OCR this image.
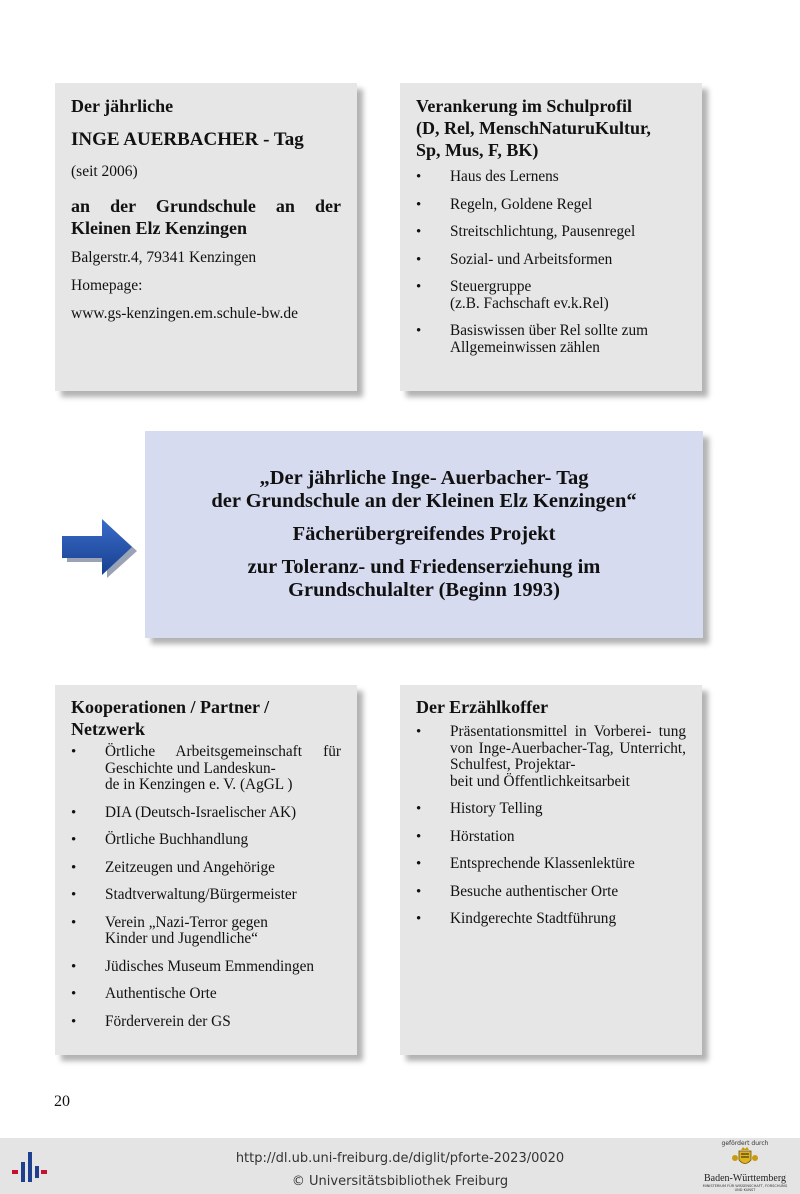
Der jährliche
INGE AUERBACHER - Tag
(seit 2006)
an der Grundschule an der Kleinen Elz Kenzingen
Balgerstr.4, 79341 Kenzingen
Homepage:
www.gs-kenzingen.em.schule-bw.de
Verankerung im Schulprofil
(D, Rel, MenschNaturuKultur,
Sp, Mus, F, BK)
• Haus des Lernens
• Regeln, Goldene Regel
• Streitschlichtung, Pausenregel
• Sozial- und Arbeitsformen
• Steuergruppe
(z.B. Fachschaft ev.k.Rel)
• Basiswissen über Rel sollte zum
Allgemeinwissen zählen
„Der jährliche Inge- Auerbacher- Tag
der Grundschule an der Kleinen Elz Kenzingen“
Fächerübergreifendes Projekt
zur Toleranz- und Friedenserziehung im
Grundschulalter (Beginn 1993)
Kooperationen / Partner /
Netzwerk
• Örtliche Arbeitsgemeinschaft für Geschichte und Landeskun-
de in Kenzingen e. V. (AgGL )
• DIA (Deutsch-Israelischer AK)
• Örtliche Buchhandlung
• Zeitzeugen und Angehörige
• Stadtverwaltung/Bürgermeister
• Verein „Nazi-Terror gegen
Kinder und Jugendliche“
• Jüdisches Museum Emmendingen
• Authentische Orte
• Förderverein der GS
Der Erzählkoffer
• Präsentationsmittel in Vorberei- tung von Inge-Auerbacher-Tag, Unterricht, Schulfest, Projektar-
beit und Öffentlichkeitsarbeit
• History Telling
• Hörstation
• Entsprechende Klassenlektüre
• Besuche authentischer Orte
• Kindgerechte Stadtführung
20
http://dl.ub.uni-freiburg.de/diglit/pforte-2023/0020
© Universitätsbibliothek Freiburg
gefördert durch
Baden-Württemberg
MINISTERIUM FÜR WISSENSCHAFT, FORSCHUNG UND KUNST
